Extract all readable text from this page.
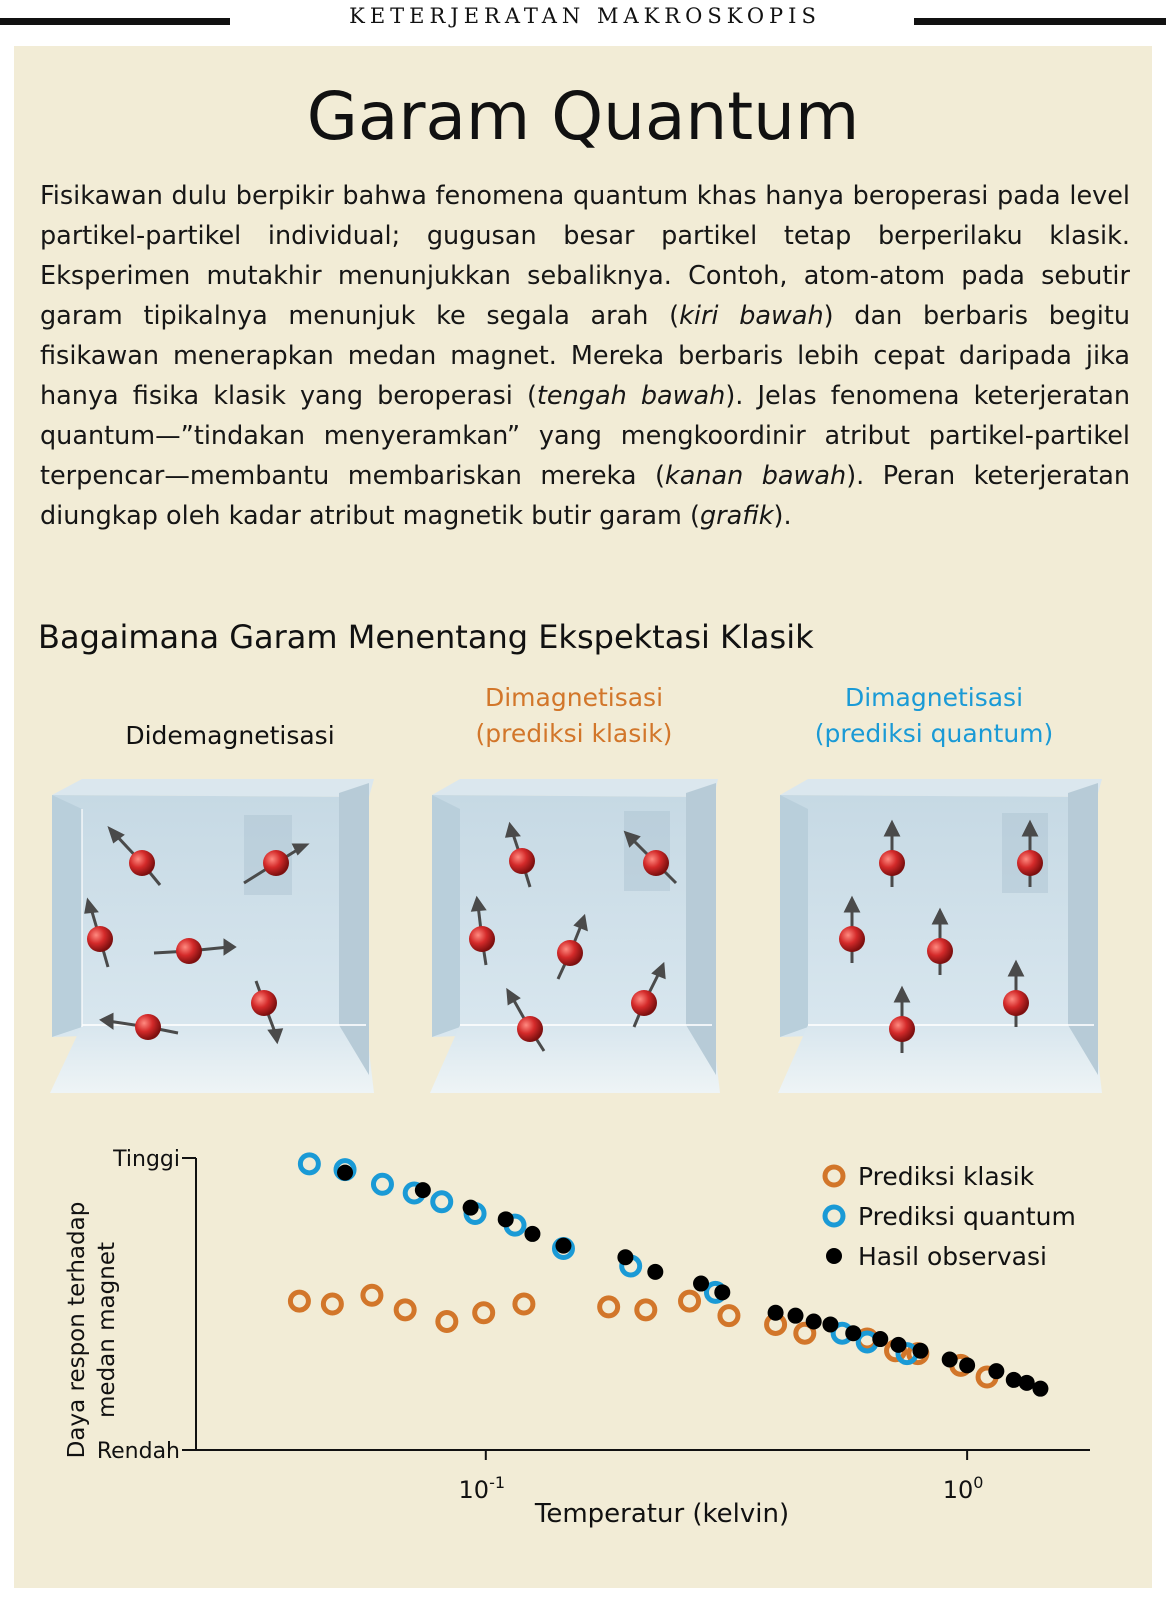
KETERJERATAN MAKROSKOPIS
Garam Quantum

Fisikawan dulu berpikir bahwa fenomena quantum khas hanya beroperasi pada level partikel-partikel individual; gugusan besar partikel tetap berperilaku klasik. Eksperimen mutakhir menunjukkan sebaliknya. Contoh, atom-atom pada sebutir garam tipikalnya menunjuk ke segala arah (kiri bawah) dan berbaris begitu fisikawan menerapkan medan magnet. Mereka berbaris lebih cepat daripada jika hanya fisika klasik yang beroperasi (tengah bawah). Jelas fenomena keterjeratan quantum—”tindakan menyeramkan” yang mengkoordinir atribut partikel-partikel terpencar—membantu membariskan mereka (kanan bawah). Peran keterjeratan diungkap oleh kadar atribut magnetik butir garam (grafik).

Bagaimana Garam Menentang Ekspektasi Klasik
Didemagnetisasi
Dimagnetisasi
(prediksi klasik)
Dimagnetisasi
(prediksi quantum)
Daya respon terhadap medan magnet
Temperatur (kelvin)
Tinggi
Rendah
$10^{-1}$	$10^0$
Prediksi klasik
Prediksi quantum
Hasil observasi
